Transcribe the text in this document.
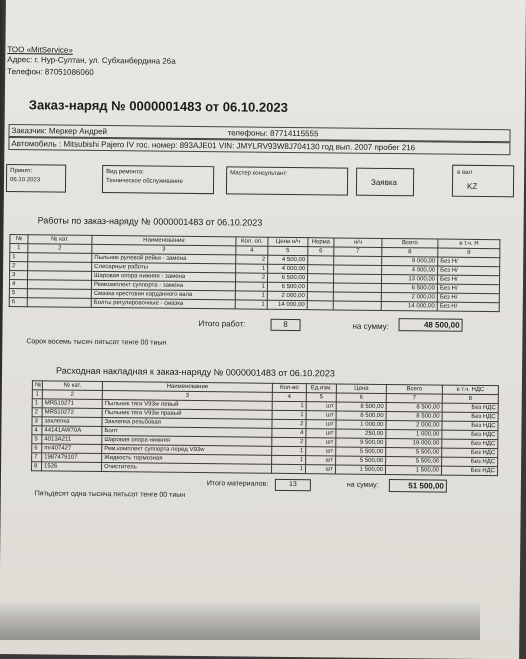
ТОО «MitService»
Адрес: г. Нур-Султан, ул. Субханбердина 26а
Телефон: 87051086060
Заказ-наряд № 0000001483 от 06.10.2023
Заказчик: Меркер Андрей	телефоны: 87714115555
Автомобиль : Mitsubishi Pajero IV гос. номер: 893AJE01 VIN: JMYLRV93W8J704130 год вып. 2007 пробег 216
Принят:
06.10.2023
Вид ремонта:
Техническое обслуживание
Мастер консультант:
Заявка
в вал
KZ
Работы по заказ-наряду № 0000001483 от 06.10.2023
№	№ кат.	Наименование	Кол. оп.	Цена н/ч	Норма	н/ч	Всего	в т.ч. Н
1	2	3	4	5	6	7	8	9
1		Пыльник рулевой рейки - замена	2	4 500,00			9 000,00	Без Н/
2		Слесарные работы	1	4 000,00			4 000,00	Без Н/
3		Шаровая опора нижняя - замена	2	6 500,00			13 000,00	Без Н/
4		Ремкомплект суппорта - замена	1	6 500,00			6 500,00	Без Н/
5		Смазка крестовин карданного вала	1	2 000,00			2 000,00	Без Н/
6		Болты регулировочные - смазка	1	14 000,00			14 000,00	Без Н/
Итого работ:	8	на сумму:	48 500,00
Сорок восемь тысяч пятьсот тенге 00 тиын
Расходная накладная к заказ-наряду № 0000001483 от 06.10.2023
№	№ кат.	Наименование	Кол-во	Ед.изм.	Цена	Всего	в т.ч. НДС
1	2	3	4	5	6	7	8
1	MR510271	Пыльник тяги V93w левый	1	шт	8 500,00	8 500,00	Без НДС
2	MR510272	Пыльник тяги V93w правый	1	шт	8 500,00	8 500,00	Без НДС
3	заклепка	Заклепка резьбовая	2	шт	1 000,00	2 000,00	Без НДС
4	44141AW70A	Болт	4	шт	250,00	1 000,00	Без НДС
5	4013A211	Шаровая опора нижняя	2	шт	9 500,00	19 000,00	Без НДС
6	mr407427	Рем.комплект суппорта перед V93w	1	шт	5 500,00	5 500,00	Без НДС
7	1987479107	Жидкость тормозная	1	шт	5 500,00	5 500,00	Без НДС
8	1526	Очиститель	1	шт	1 500,00	1 500,00	Без НДС
Итого материалов:	13	на сумму:	51 500,00
Пятьдесят одна тысяча пятьсот тенге 00 тиын
